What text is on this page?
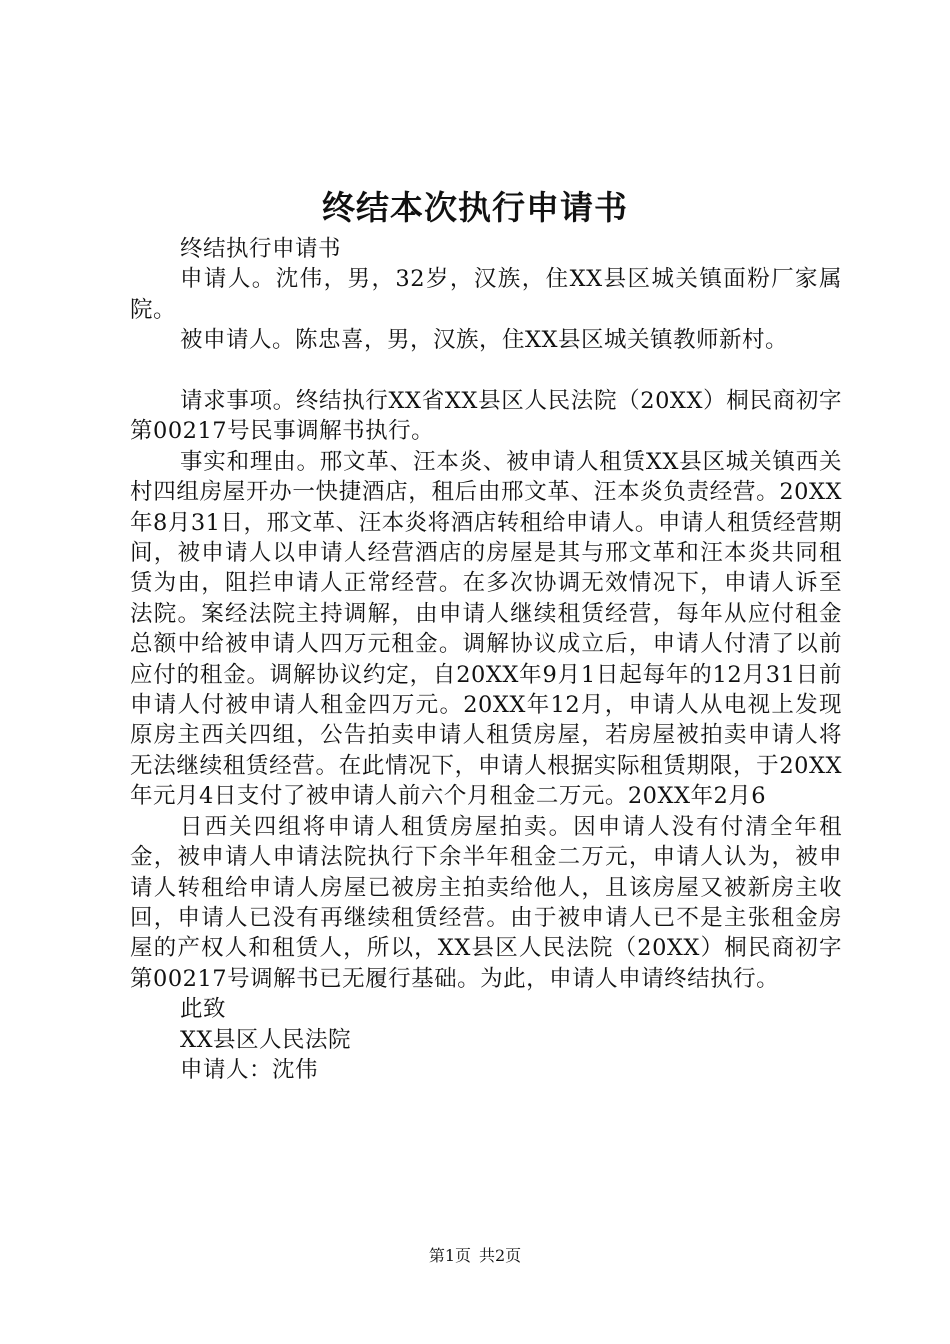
终结本次执行申请书

终结执行申请书

申请人。沈伟，男，32岁，汉族，住XX县区城关镇面粉厂家属院。

被申请人。陈忠喜，男，汉族，住XX县区城关镇教师新村。

请求事项。终结执行XX省XX县区人民法院（20XX）桐民商初字第00217号民事调解书执行。

事实和理由。邢文革、汪本炎、被申请人租赁XX县区城关镇西关村四组房屋开办一快捷酒店，租后由邢文革、汪本炎负责经营。20XX年8月31日，邢文革、汪本炎将酒店转租给申请人。申请人租赁经营期间，被申请人以申请人经营酒店的房屋是其与邢文革和汪本炎共同租赁为由，阻拦申请人正常经营。在多次协调无效情况下，申请人诉至法院。案经法院主持调解，由申请人继续租赁经营，每年从应付租金总额中给被申请人四万元租金。调解协议成立后，申请人付清了以前应付的租金。调解协议约定，自20XX年9月1日起每年的12月31日前申请人付被申请人租金四万元。20XX年12月，申请人从电视上发现原房主西关四组，公告拍卖申请人租赁房屋，若房屋被拍卖申请人将无法继续租赁经营。在此情况下，申请人根据实际租赁期限，于20XX年元月4日支付了被申请人前六个月租金二万元。20XX年2月6

日西关四组将申请人租赁房屋拍卖。因申请人没有付清全年租金，被申请人申请法院执行下余半年租金二万元，申请人认为，被申请人转租给申请人房屋已被房主拍卖给他人，且该房屋又被新房主收回，申请人已没有再继续租赁经营。由于被申请人已不是主张租金房屋的产权人和租赁人，所以，XX县区人民法院（20XX）桐民商初字第00217号调解书已无履行基础。为此，申请人申请终结执行。

此致

XX县区人民法院

申请人：沈伟

第1页 共2页
